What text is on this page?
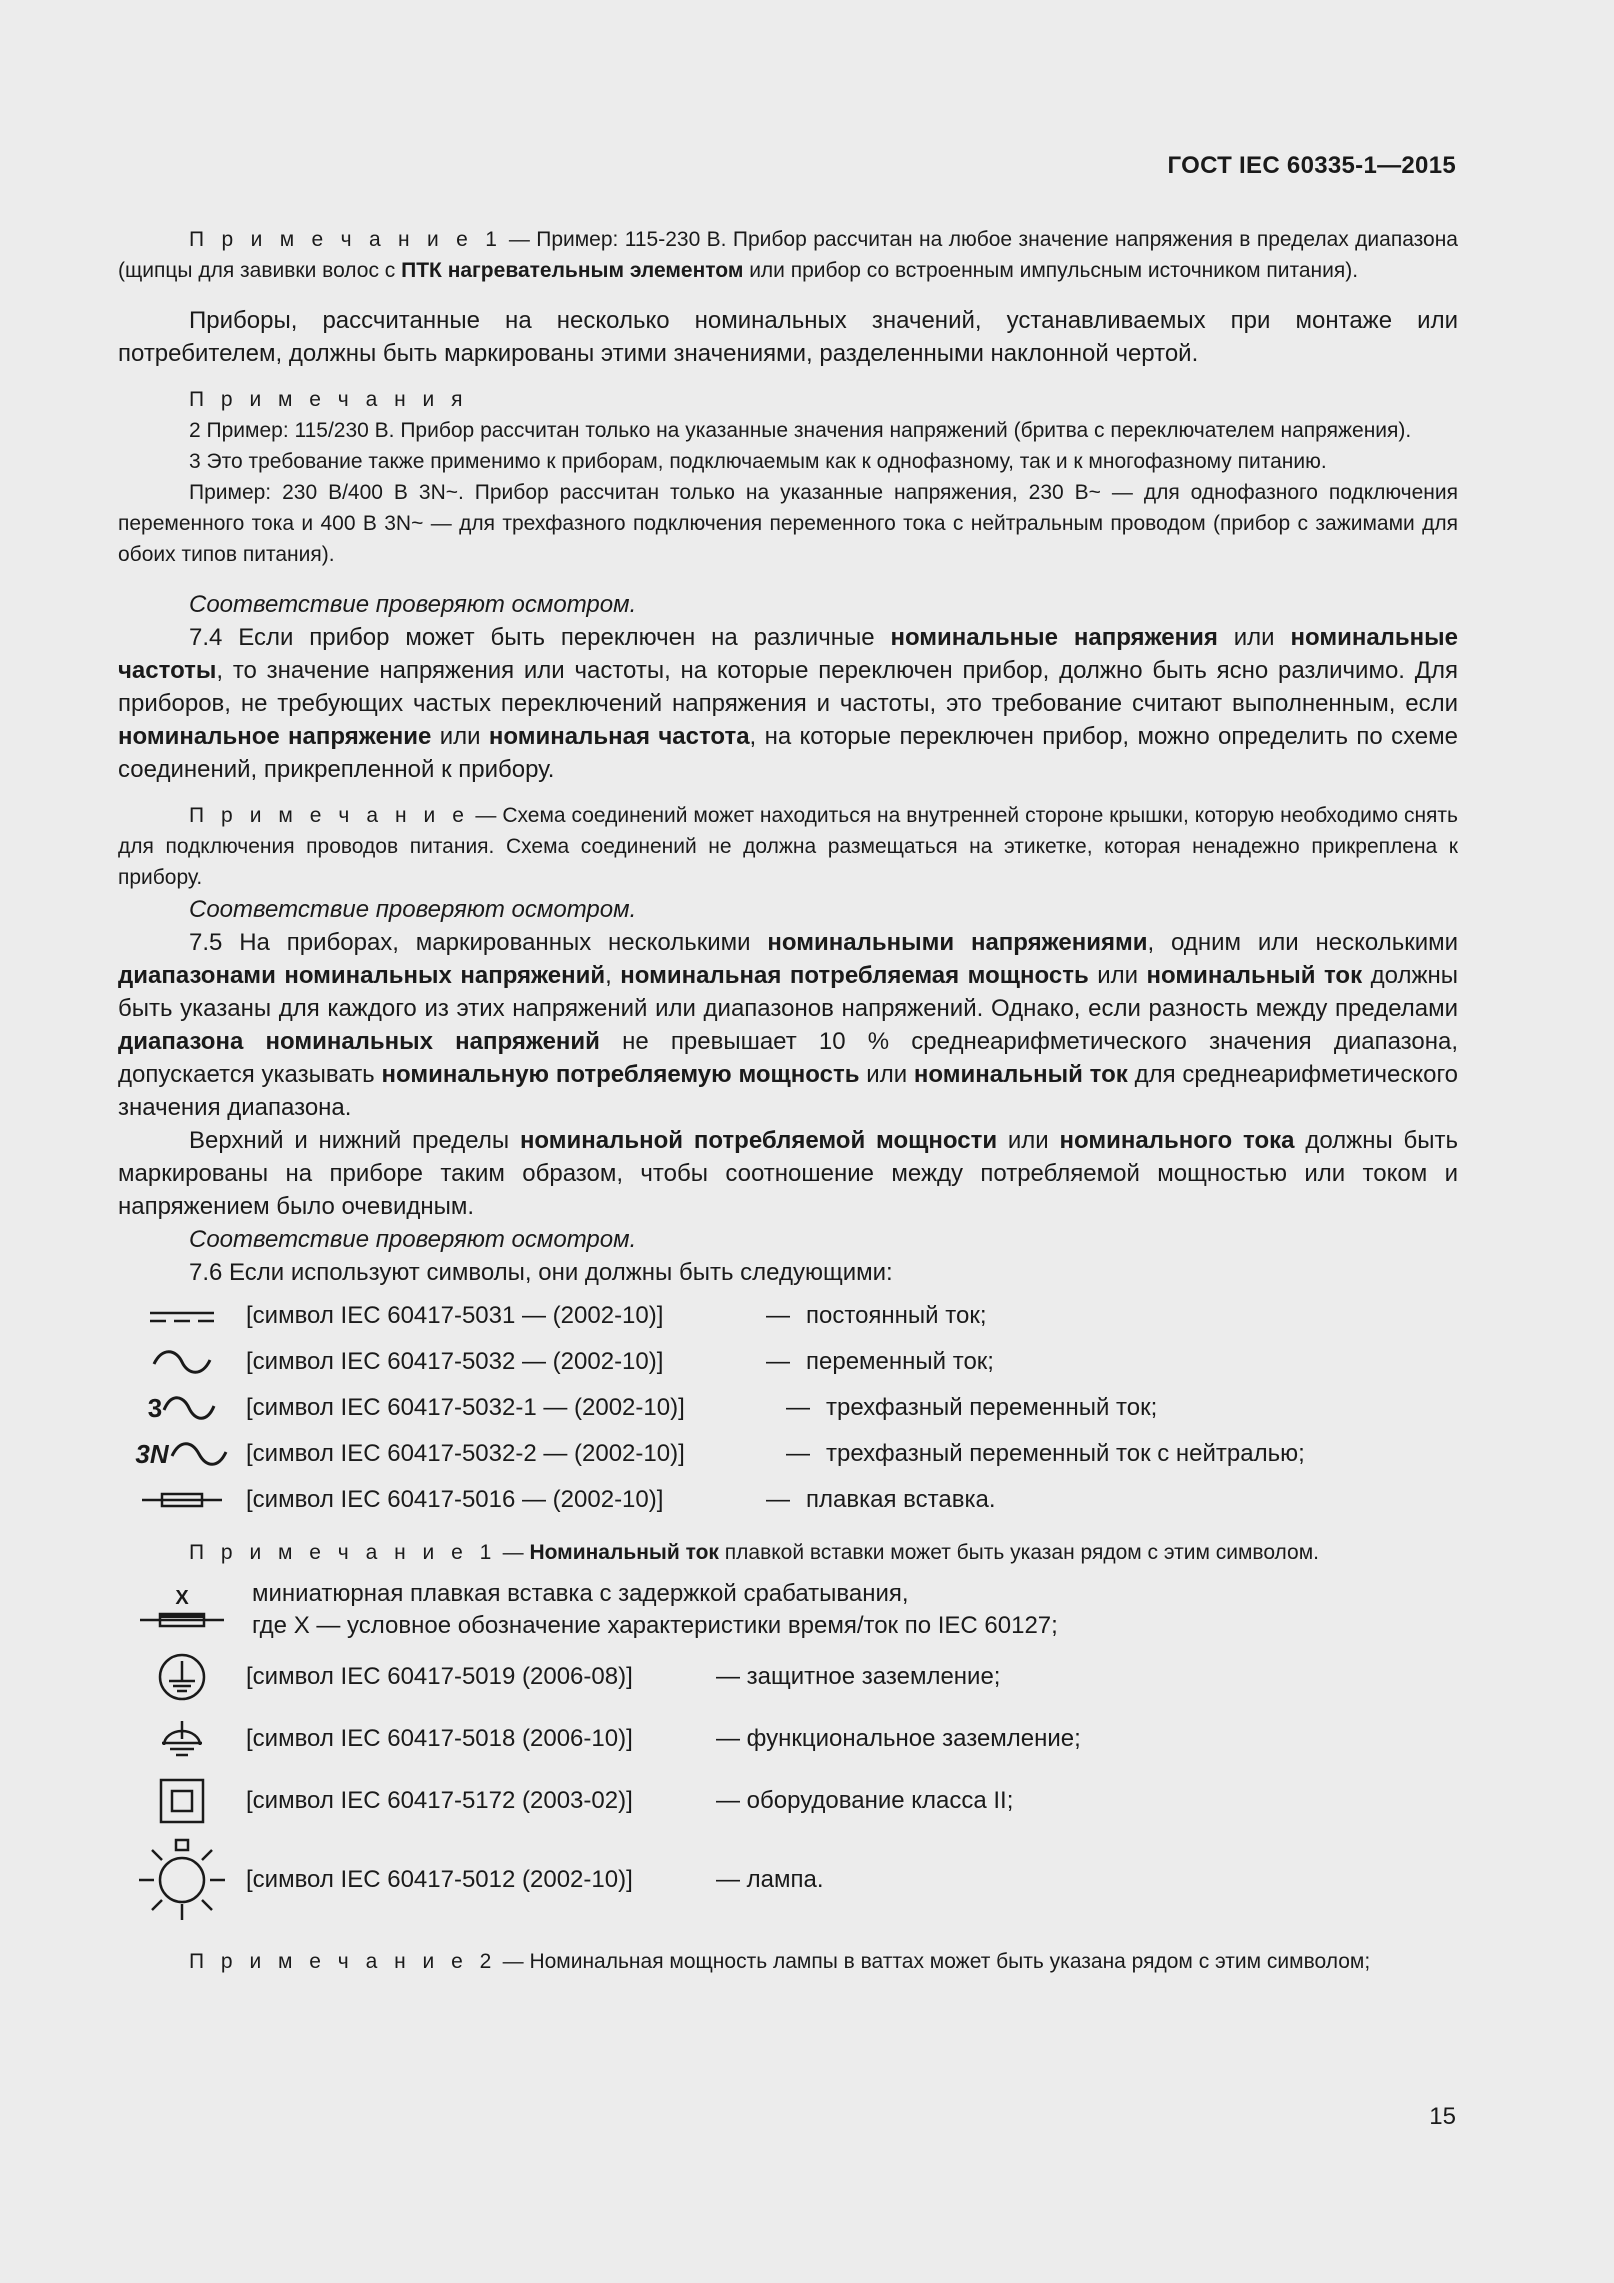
ГОСТ IEC 60335-1—2015

П р и м е ч а н и е 1 — Пример: 115-230 В. Прибор рассчитан на любое значение напряжения в пределах диапазона (щипцы для завивки волос с ПТК нагревательным элементом или прибор со встроенным импульсным источником питания).

Приборы, рассчитанные на несколько номинальных значений, устанавливаемых при монтаже или потребителем, должны быть маркированы этими значениями, разделенными наклонной чертой.

П р и м е ч а н и я

2 Пример: 115/230 В. Прибор рассчитан только на указанные значения напряжений (бритва с переключателем напряжения).

3 Это требование также применимо к приборам, подключаемым как к однофазному, так и к многофазному питанию.

Пример: 230 В/400 В 3N~. Прибор рассчитан только на указанные напряжения, 230 В~ — для однофазного подключения переменного тока и 400 В 3N~ — для трехфазного подключения переменного тока с нейтральным проводом (прибор с зажимами для обоих типов питания).

Соответствие проверяют осмотром.

7.4 Если прибор может быть переключен на различные номинальные напряжения или номинальные частоты, то значение напряжения или частоты, на которые переключен прибор, должно быть ясно различимо. Для приборов, не требующих частых переключений напряжения и частоты, это требование считают выполненным, если номинальное напряжение или номинальная частота, на которые переключен прибор, можно определить по схеме соединений, прикрепленной к прибору.

П р и м е ч а н и е — Схема соединений может находиться на внутренней стороне крышки, которую необходимо снять для подключения проводов питания. Схема соединений не должна размещаться на этикетке, которая ненадежно прикреплена к прибору.

Соответствие проверяют осмотром.

7.5 На приборах, маркированных несколькими номинальными напряжениями, одним или несколькими диапазонами номинальных напряжений, номинальная потребляемая мощность или номинальный ток должны быть указаны для каждого из этих напряжений или диапазонов напряжений. Однако, если разность между пределами диапазона номинальных напряжений не превышает 10 % среднеарифметического значения диапазона, допускается указывать номинальную потребляемую мощность или номинальный ток для среднеарифметического значения диапазона.

Верхний и нижний пределы номинальной потребляемой мощности или номинального тока должны быть маркированы на приборе таким образом, чтобы соотношение между потребляемой мощностью или током и напряжением было очевидным.

Соответствие проверяют осмотром.

7.6 Если используют символы, они должны быть следующими:

[символ IEC 60417-5031 — (2002-10)]	— постоянный ток;
[символ IEC 60417-5032 — (2002-10)]	— переменный ток;
3	[символ IEC 60417-5032-1 — (2002-10)]	— трехфазный переменный ток;
3N	[символ IEC 60417-5032-2 — (2002-10)]	— трехфазный переменный ток с нейтралью;
[символ IEC 60417-5016 — (2002-10)]	— плавкая вставка.

П р и м е ч а н и е 1 — Номинальный ток плавкой вставки может быть указан рядом с этим символом.

X	миниатюрная плавкая вставка с задержкой срабатывания,
где X — условное обозначение характеристики время/ток по IEC 60127;
[символ IEC 60417-5019 (2006-08)]	— защитное заземление;
[символ IEC 60417-5018 (2006-10)]	— функциональное заземление;
[символ IEC 60417-5172 (2003-02)]	— оборудование класса II;
[символ IEC 60417-5012 (2002-10)]	— лампа.

П р и м е ч а н и е 2 — Номинальная мощность лампы в ваттах может быть указана рядом с этим символом;

15
